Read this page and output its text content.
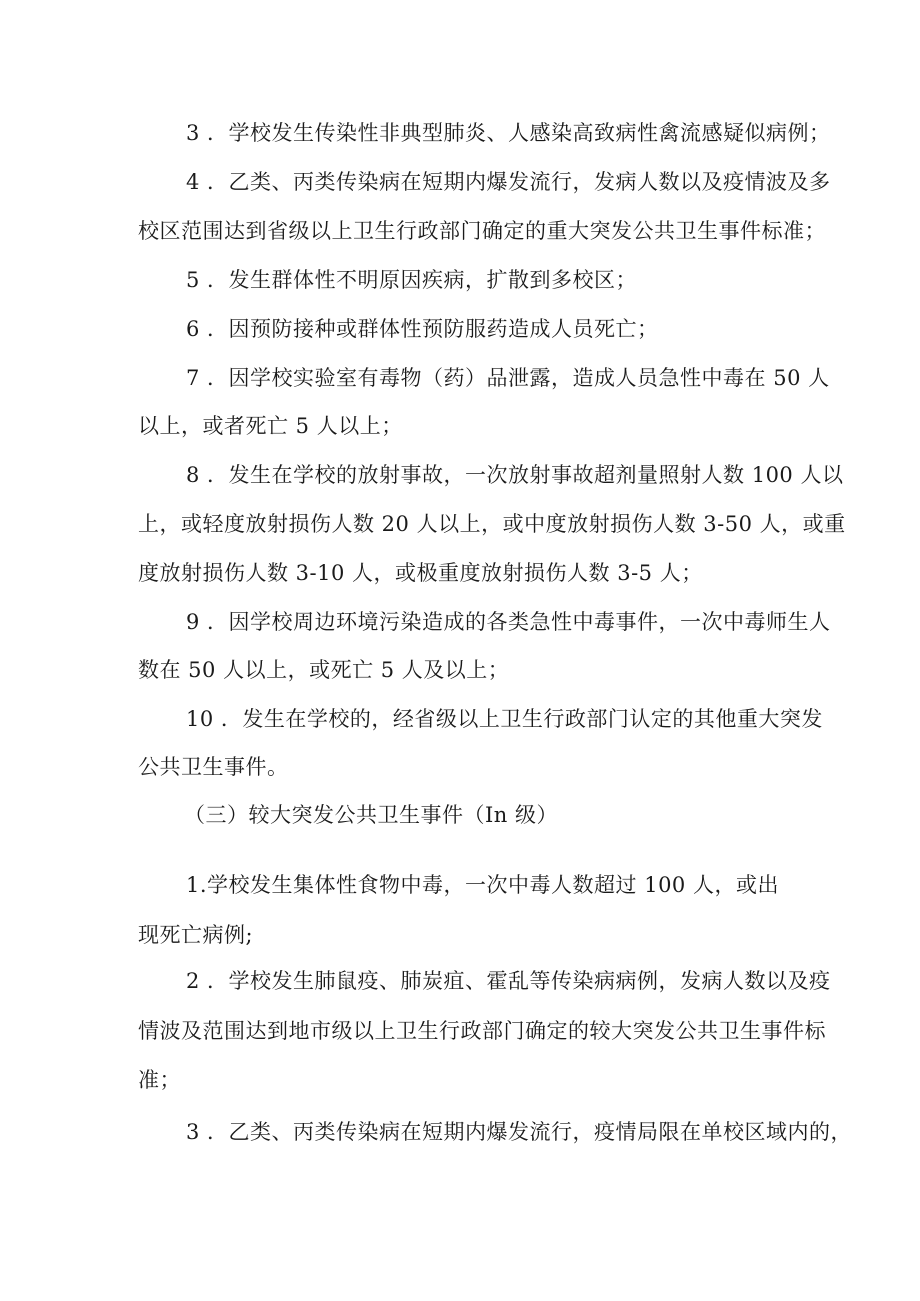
3 ．学校发生传染性非典型肺炎、人感染高致病性禽流感疑似病例；
4 ．乙类、丙类传染病在短期内爆发流行，发病人数以及疫情波及多
校区范围达到省级以上卫生行政部门确定的重大突发公共卫生事件标准；
5 ．发生群体性不明原因疾病，扩散到多校区；
6 ．因预防接种或群体性预防服药造成人员死亡；
7 ．因学校实验室有毒物（药）品泄露，造成人员急性中毒在 50 人
以上，或者死亡 5 人以上；
8 ．发生在学校的放射事故，一次放射事故超剂量照射人数 100 人以
上，或轻度放射损伤人数 20 人以上，或中度放射损伤人数 3-50 人，或重
度放射损伤人数 3-10 人，或极重度放射损伤人数 3-5 人；
9 ．因学校周边环境污染造成的各类急性中毒事件，一次中毒师生人
数在 50 人以上，或死亡 5 人及以上；
10 ．发生在学校的，经省级以上卫生行政部门认定的其他重大突发
公共卫生事件。
（三）较大突发公共卫生事件（In 级）
1.学校发生集体性食物中毒，一次中毒人数超过 100 人，或出
现死亡病例;
2 ．学校发生肺鼠疫、肺炭疽、霍乱等传染病病例，发病人数以及疫
情波及范围达到地市级以上卫生行政部门确定的较大突发公共卫生事件标
准；
3 ．乙类、丙类传染病在短期内爆发流行，疫情局限在单校区域内的，
